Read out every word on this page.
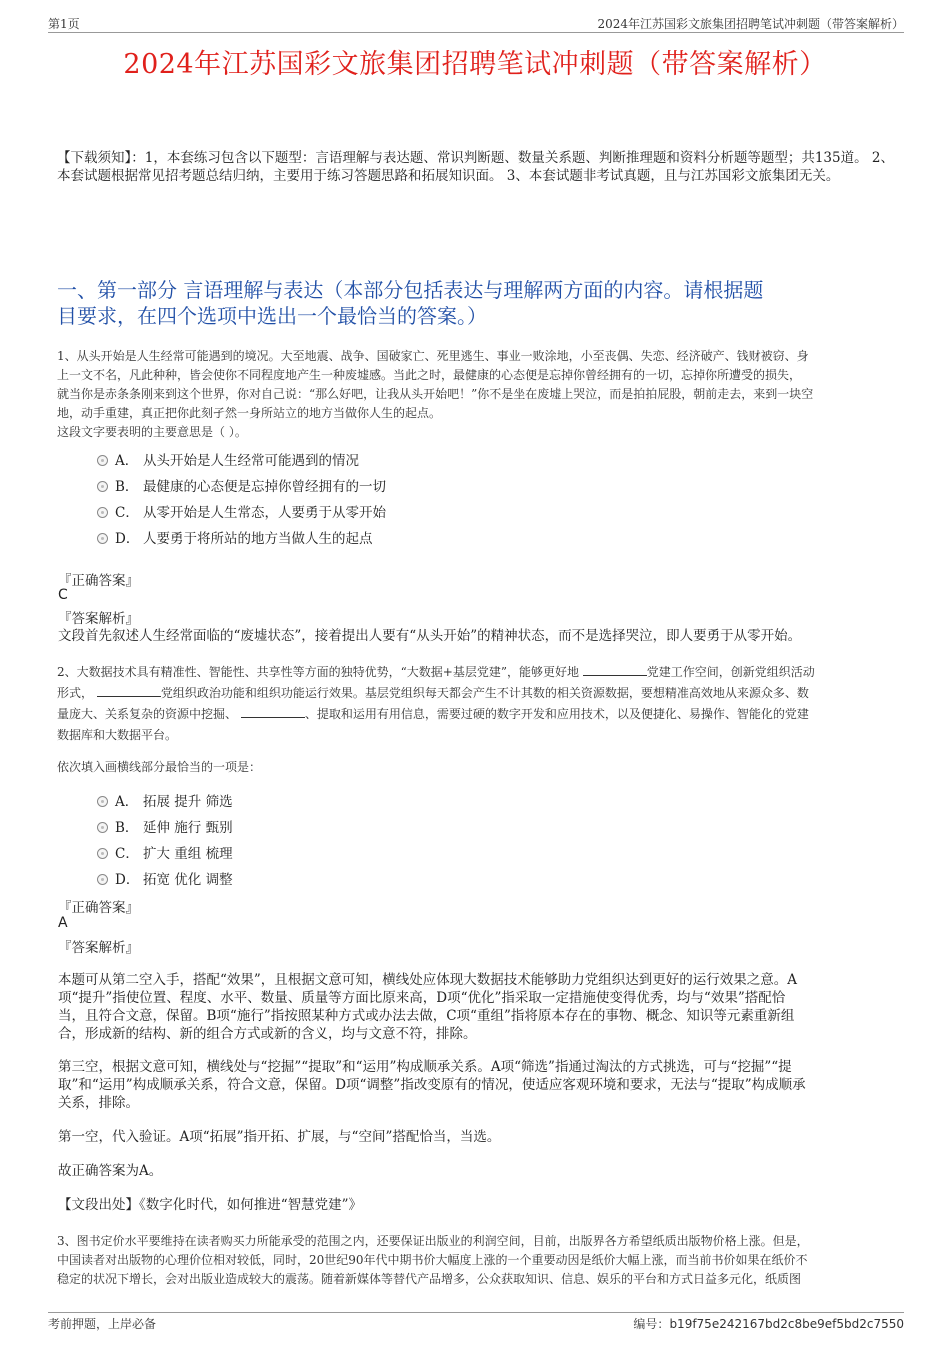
第1页	2024年江苏国彩文旅集团招聘笔试冲刺题（带答案解析）
2024年江苏国彩文旅集团招聘笔试冲刺题（带答案解析）
【下载须知】：1，本套练习包含以下题型：言语理解与表达题、常识判断题、数量关系题、判断推理题和资料分析题等题型；共135道。 2、本套试题根据常见招考题总结归纳，主要用于练习答题思路和拓展知识面。 3、本套试题非考试真题，且与江苏国彩文旅集团无关。
一、第一部分 言语理解与表达（本部分包括表达与理解两方面的内容。请根据题
目要求，在四个选项中选出一个最恰当的答案。）
1、从头开始是人生经常可能遇到的境况。大至地震、战争、国破家亡、死里逃生、事业一败涂地，小至丧偶、失恋、经济破产、钱财被窃、身
上一文不名，凡此种种，皆会使你不同程度地产生一种废墟感。当此之时，最健康的心态便是忘掉你曾经拥有的一切，忘掉你所遭受的损失，
就当你是赤条条刚来到这个世界，你对自己说：“那么好吧，让我从头开始吧！”你不是坐在废墟上哭泣，而是拍拍屁股，朝前走去，来到一块空
地，动手重建，真正把你此刻孑然一身所站立的地方当做你人生的起点。
这段文字要表明的主要意思是（ ）。
A． 从头开始是人生经常可能遇到的情况
B． 最健康的心态便是忘掉你曾经拥有的一切
C． 从零开始是人生常态，人要勇于从零开始
D． 人要勇于将所站的地方当做人生的起点
『正确答案』
C
『答案解析』
文段首先叙述人生经常面临的“废墟状态”，接着提出人要有“从头开始”的精神状态，而不是选择哭泣，即人要勇于从零开始。
2、大数据技术具有精准性、智能性、共享性等方面的独特优势，“大数据+基层党建”，能够更好地	党建工作空间，创新党组织活动
形式，	党组织政治功能和组织功能运行效果。基层党组织每天都会产生不计其数的相关资源数据，要想精准高效地从来源众多、数
量庞大、关系复杂的资源中挖掘、	、提取和运用有用信息，需要过硬的数字开发和应用技术，以及便捷化、易操作、智能化的党建
数据库和大数据平台。
依次填入画横线部分最恰当的一项是：
A． 拓展 提升 筛选
B． 延伸 施行 甄别
C． 扩大 重组 梳理
D． 拓宽 优化 调整
『正确答案』
A
『答案解析』
本题可从第二空入手，搭配“效果”，且根据文意可知，横线处应体现大数据技术能够助力党组织达到更好的运行效果之意。A
项“提升”指使位置、程度、水平、数量、质量等方面比原来高，D项“优化”指采取一定措施使变得优秀，均与“效果”搭配恰
当，且符合文意，保留。B项“施行”指按照某种方式或办法去做，C项“重组”指将原本存在的事物、概念、知识等元素重新组
合，形成新的结构、新的组合方式或新的含义，均与文意不符，排除。
第三空，根据文意可知，横线处与“挖掘”“提取”和“运用”构成顺承关系。A项“筛选”指通过淘汰的方式挑选，可与“挖掘”“提
取”和“运用”构成顺承关系，符合文意，保留。D项“调整”指改变原有的情况，使适应客观环境和要求，无法与“提取”构成顺承
关系，排除。
第一空，代入验证。A项“拓展”指开拓、扩展，与“空间”搭配恰当，当选。
故正确答案为A。
【文段出处】《数字化时代，如何推进“智慧党建”》
3、图书定价水平要维持在读者购买力所能承受的范围之内，还要保证出版业的利润空间，目前，出版界各方希望纸质出版物价格上涨。但是，
中国读者对出版物的心理价位相对较低，同时，20世纪90年代中期书价大幅度上涨的一个重要动因是纸价大幅上涨，而当前书价如果在纸价不
稳定的状况下增长，会对出版业造成较大的震荡。随着新媒体等替代产品增多，公众获取知识、信息、娱乐的平台和方式日益多元化，纸质图
考前押题，上岸必备	编号：b19f75e242167bd2c8be9ef5bd2c7550
